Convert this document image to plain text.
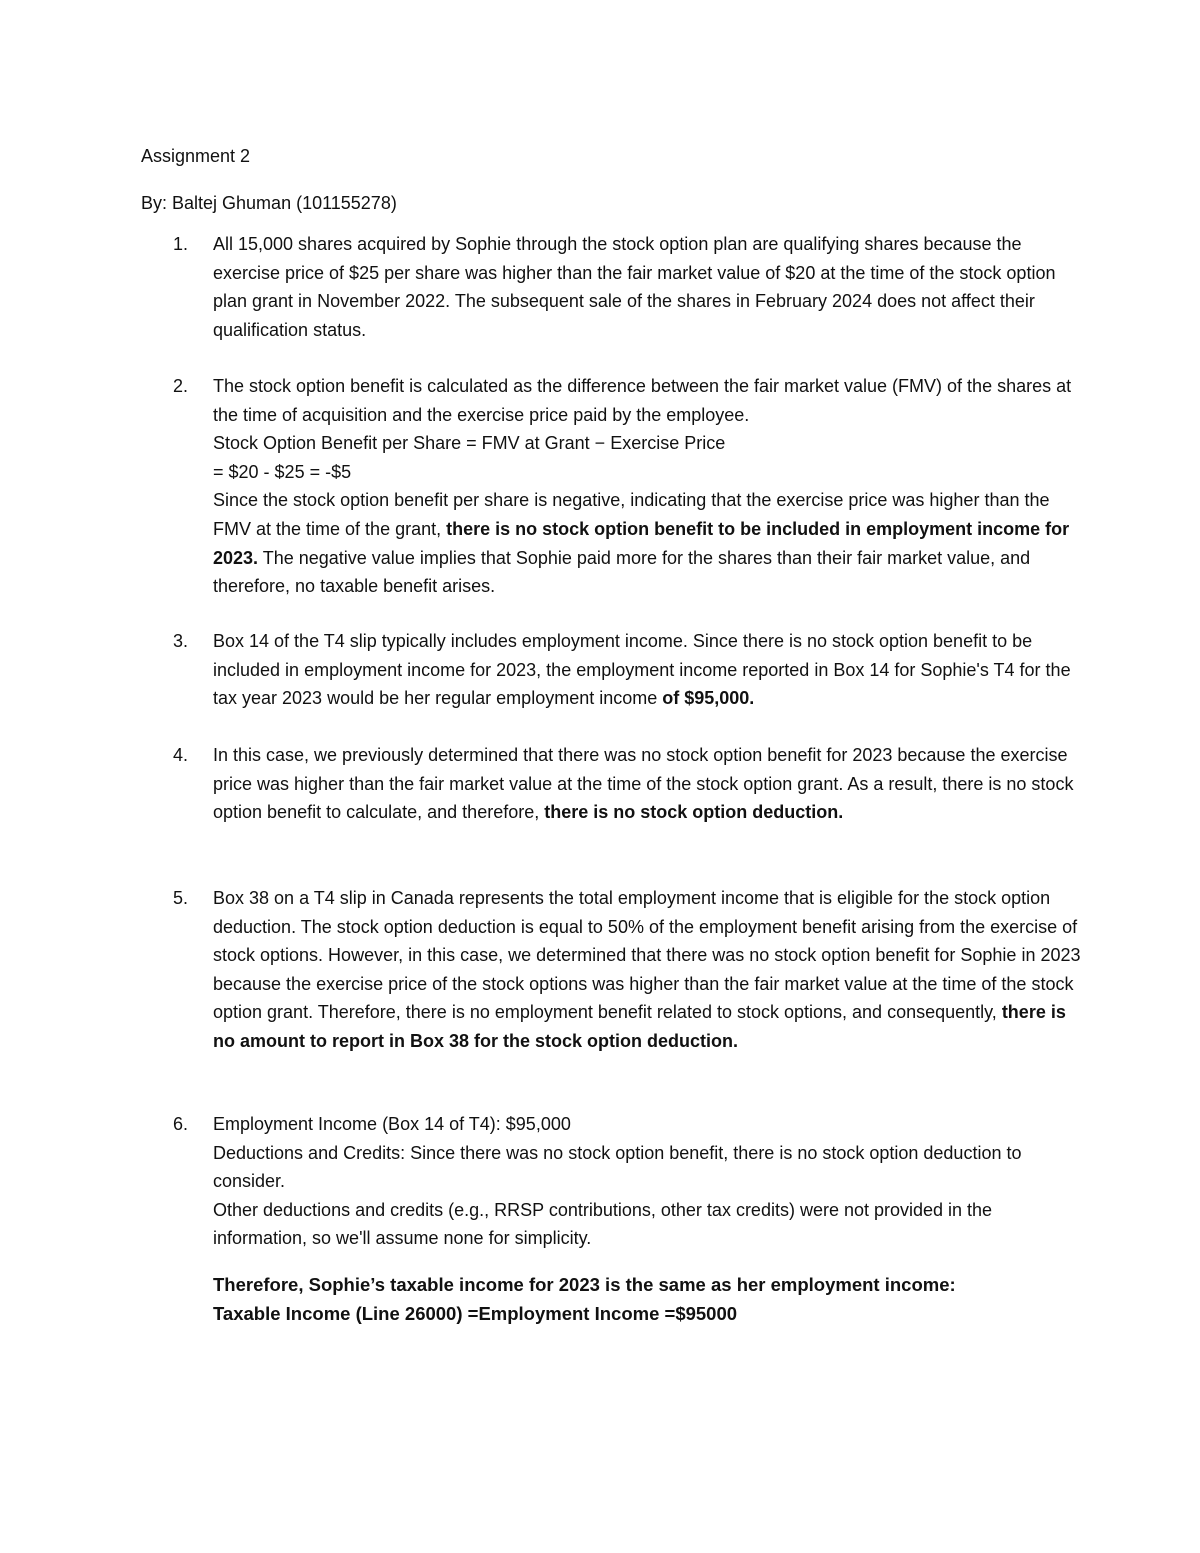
Assignment 2
By: Baltej Ghuman (101155278)
1.	All 15,000 shares acquired by Sophie through the stock option plan are qualifying shares because the exercise price of $25 per share was higher than the fair market value of $20 at the time of the stock option plan grant in November 2022. The subsequent sale of the shares in February 2024 does not affect their qualification status.

2.	The stock option benefit is calculated as the difference between the fair market value (FMV) of the shares at the time of acquisition and the exercise price paid by the employee.

Stock Option Benefit per Share = FMV at Grant − Exercise Price

= $20 - $25 = -$5

Since the stock option benefit per share is negative, indicating that the exercise price was higher than the FMV at the time of the grant, there is no stock option benefit to be included in employment income for 2023. The negative value implies that Sophie paid more for the shares than their fair market value, and therefore, no taxable benefit arises.

3.	Box 14 of the T4 slip typically includes employment income. Since there is no stock option benefit to be included in employment income for 2023, the employment income reported in Box 14 for Sophie's T4 for the tax year 2023 would be her regular employment income of $95,000.

4.	In this case, we previously determined that there was no stock option benefit for 2023 because the exercise price was higher than the fair market value at the time of the stock option grant. As a result, there is no stock option benefit to calculate, and therefore, there is no stock option deduction.

5.	Box 38 on a T4 slip in Canada represents the total employment income that is eligible for the stock option deduction. The stock option deduction is equal to 50% of the employment benefit arising from the exercise of stock options. However, in this case, we determined that there was no stock option benefit for Sophie in 2023 because the exercise price of the stock options was higher than the fair market value at the time of the stock option grant. Therefore, there is no employment benefit related to stock options, and consequently, there is no amount to report in Box 38 for the stock option deduction.

6.	Employment Income (Box 14 of T4): $95,000

Deductions and Credits: Since there was no stock option benefit, there is no stock option deduction to consider.

Other deductions and credits (e.g., RRSP contributions, other tax credits) were not provided in the information, so we'll assume none for simplicity.

Therefore, Sophie’s taxable income for 2023 is the same as her employment income:

Taxable Income (Line 26000) =Employment Income =$95000
